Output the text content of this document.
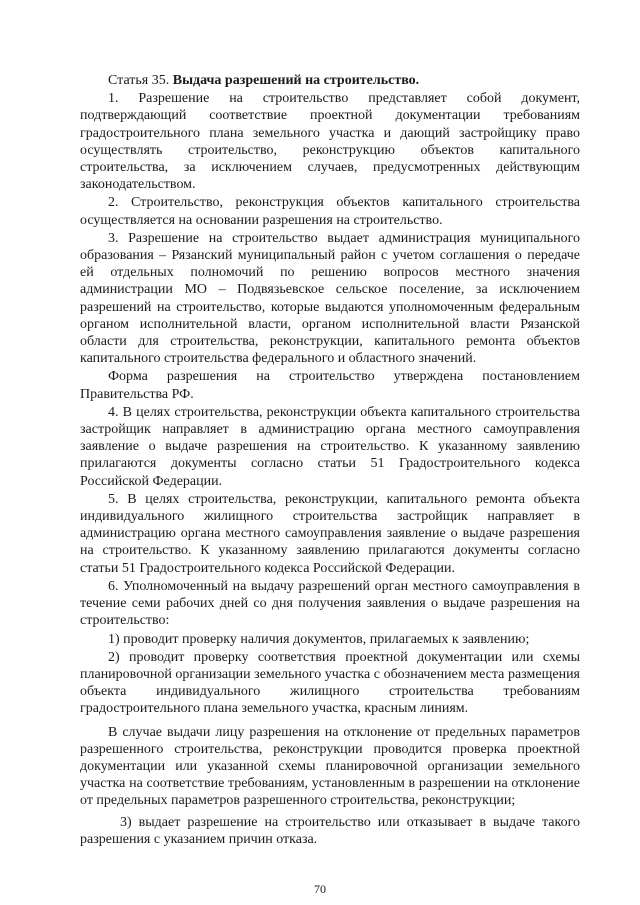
Статья 35. Выдача разрешений на строительство.

1. Разрешение на строительство представляет собой документ, подтверждающий соответствие проектной документации требованиям градостроительного плана земельного участка и дающий застройщику право осуществлять строительство, реконструкцию объектов капитального строительства, за исключением случаев, предусмотренных действующим законодательством.

2. Строительство, реконструкция объектов капитального строительства осуществляется на основании разрешения на строительство.

3. Разрешение на строительство выдает администрация муниципального образования – Рязанский муниципальный район с учетом соглашения о передаче ей отдельных полномочий по решению вопросов местного значения администрации МО – Подвязьевское сельское поселение, за исключением разрешений на строительство, которые выдаются уполномоченным федеральным органом исполнительной власти, органом исполнительной власти Рязанской области для строительства, реконструкции, капитального ремонта объектов капитального строительства федерального и областного значений.

Форма разрешения на строительство утверждена постановлением Правительства РФ.

4. В целях строительства, реконструкции объекта капитального строительства застройщик направляет в администрацию органа местного самоуправления заявление о выдаче разрешения на строительство. К указанному заявлению прилагаются документы согласно статьи 51 Градостроительного кодекса Российской Федерации.

5. В целях строительства, реконструкции, капитального ремонта объекта индивидуального жилищного строительства застройщик направляет в администрацию органа местного самоуправления заявление о выдаче разрешения на строительство. К указанному заявлению прилагаются документы согласно статьи 51 Градостроительного кодекса Российской Федерации.

6. Уполномоченный на выдачу разрешений орган местного самоуправления в течение семи рабочих дней со дня получения заявления о выдаче разрешения на строительство:

1) проводит проверку наличия документов, прилагаемых к заявлению;

2) проводит проверку соответствия проектной документации или схемы планировочной организации земельного участка с обозначением места размещения объекта индивидуального жилищного строительства требованиям градостроительного плана земельного участка, красным линиям.

В случае выдачи лицу разрешения на отклонение от предельных параметров разрешенного строительства, реконструкции проводится проверка проектной документации или указанной схемы планировочной организации земельного участка на соответствие требованиям, установленным в разрешении на отклонение от предельных параметров разрешенного строительства, реконструкции;

3) выдает разрешение на строительство или отказывает в выдаче такого разрешения с указанием причин отказа.

70
